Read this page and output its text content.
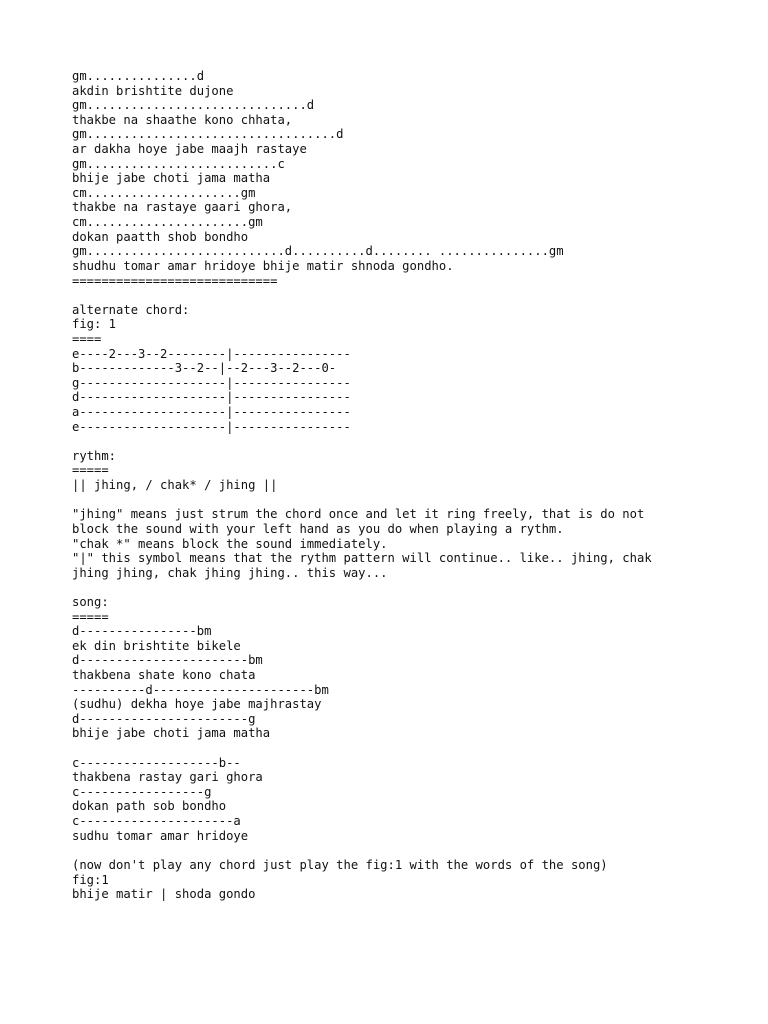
gm...............d
akdin brishtite dujone
gm..............................d
thakbe na shaathe kono chhata,
gm..................................d
ar dakha hoye jabe maajh rastaye
gm..........................c
bhije jabe choti jama matha
cm.....................gm
thakbe na rastaye gaari ghora,
cm......................gm
dokan paatth shob bondho
gm...........................d..........d........ ...............gm
shudhu tomar amar hridoye bhije matir shnoda gondho.
============================
alternate chord:
fig: 1
====
e----2---3--2--------|----------------
b-------------3--2--|--2---3--2---0-
g--------------------|----------------
d--------------------|----------------
a--------------------|----------------
e--------------------|----------------
rythm:
=====
|| jhing, / chak* / jhing ||
"jhing" means just strum the chord once and let it ring freely, that is do not
block the sound with your left hand as you do when playing a rythm.
"chak *" means block the sound immediately.
"|" this symbol means that the rythm pattern will continue.. like.. jhing, chak
jhing jhing, chak jhing jhing.. this way...
song:
=====
d----------------bm
ek din brishtite bikele
d-----------------------bm
thakbena shate kono chata
----------d----------------------bm
(sudhu) dekha hoye jabe majhrastay
d-----------------------g
bhije jabe choti jama matha
c-------------------b--
thakbena rastay gari ghora
c-----------------g
dokan path sob bondho
c---------------------a
sudhu tomar amar hridoye
(now don't play any chord just play the fig:1 with the words of the song)
fig:1
bhije matir | shoda gondo
